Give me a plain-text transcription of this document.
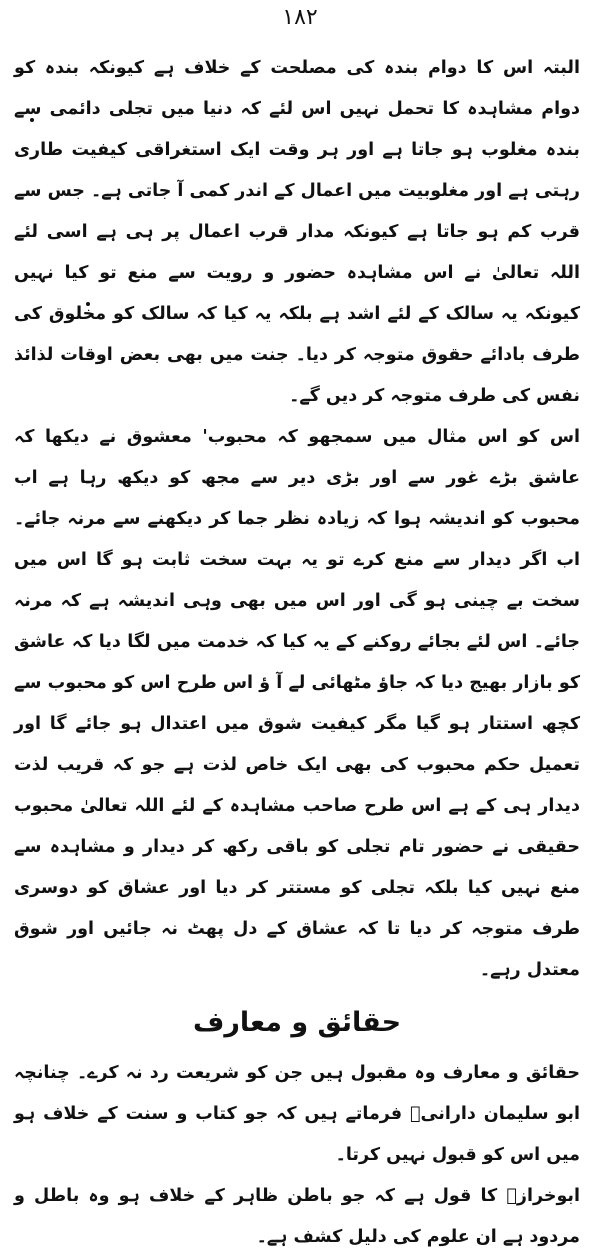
۱۸۲

البتہ اس کا دوام بندہ کی مصلحت کے خلاف ہے کیونکہ بندہ کو دوام مشاہدہ کا تحمل نہیں اس لئے کہ دنیا میں تجلی دائمی سے بندہ مغلوب ہو جاتا ہے اور ہر وقت ایک استغراقی کیفیت طاری رہتی ہے اور مغلوبیت میں اعمال کے اندر کمی آ جاتی ہے۔ جس سے قرب کم ہو جاتا ہے کیونکہ مدار قرب اعمال پر ہی ہے اسی لئے اللہ تعالیٰ نے اس مشاہدہ حضور و رویت سے منع تو کیا نہیں کیونکہ یہ سالک کے لئے اشد ہے بلکہ یہ کیا کہ سالک کو مخلوق کی طرف بادائے حقوق متوجہ کر دیا۔ جنت میں بھی بعض اوقات لذائذ نفس کی طرف متوجہ کر دیں گے۔

اس کو اس مثال میں سمجھو کہ محبوب' معشوق نے دیکھا کہ عاشق بڑے غور سے اور بڑی دیر سے مجھ کو دیکھ رہا ہے اب محبوب کو اندیشہ ہوا کہ زیادہ نظر جما کر دیکھنے سے مرنہ جائے۔ اب اگر دیدار سے منع کرے تو یہ بہت سخت ثابت ہو گا اس میں سخت بے چینی ہو گی اور اس میں بھی وہی اندیشہ ہے کہ مرنہ جائے۔ اس لئے بجائے روکنے کے یہ کیا کہ خدمت میں لگا دیا کہ عاشق کو بازار بھیج دیا کہ جاؤ مٹھائی لے آ ؤ اس طرح اس کو محبوب سے کچھ استتار ہو گیا مگر کیفیت شوق میں اعتدال ہو جائے گا اور تعمیل حکم محبوب کی بھی ایک خاص لذت ہے جو کہ قریب لذت دیدار ہی کے ہے اس طرح صاحب مشاہدہ کے لئے اللہ تعالیٰ محبوب حقیقی نے حضور تام تجلی کو باقی رکھ کر دیدار و مشاہدہ سے منع نہیں کیا بلکہ تجلی کو مستتر کر دیا اور عشاق کو دوسری طرف متوجہ کر دیا تا کہ عشاق کے دل پھٹ نہ جائیں اور شوق معتدل رہے۔

حقائق و معارف

حقائق و معارف وہ مقبول ہیں جن کو شریعت رد نہ کرے۔ چنانچہ ابو سلیمان دارانیؒ فرماتے ہیں کہ جو کتاب و سنت کے خلاف ہو میں اس کو قبول نہیں کرتا۔

ابوخرازؒ کا قول ہے کہ جو باطن ظاہر کے خلاف ہو وہ باطل و مردود ہے ان علوم کی دلیل کشف ہے۔
